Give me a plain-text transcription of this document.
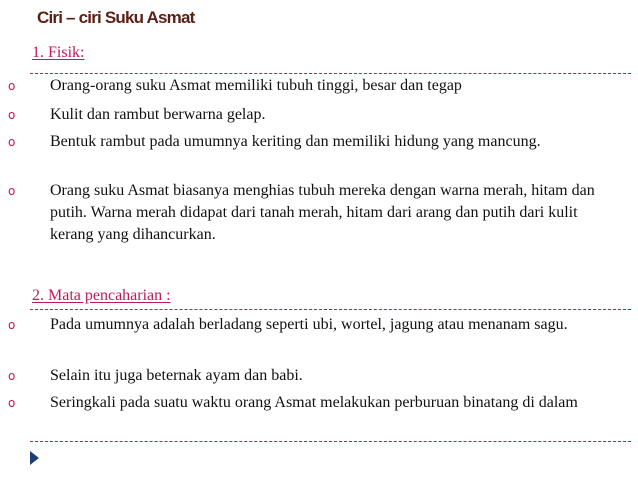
Ciri – ciri Suku Asmat
1. Fisik:
o Orang-orang suku Asmat memiliki tubuh tinggi, besar dan tegap
o Kulit dan rambut berwarna gelap.
o Bentuk rambut pada umumnya keriting dan memiliki hidung yang mancung.
o Orang suku Asmat biasanya menghias tubuh mereka dengan warna merah, hitam dan putih. Warna merah didapat dari tanah merah, hitam dari arang dan putih dari kulit kerang yang dihancurkan.
2. Mata pencaharian :
o Pada umumnya adalah berladang seperti ubi, wortel, jagung atau menanam sagu.
o Selain itu juga beternak ayam dan babi.
o Seringkali pada suatu waktu orang Asmat melakukan perburuan binatang di dalam
